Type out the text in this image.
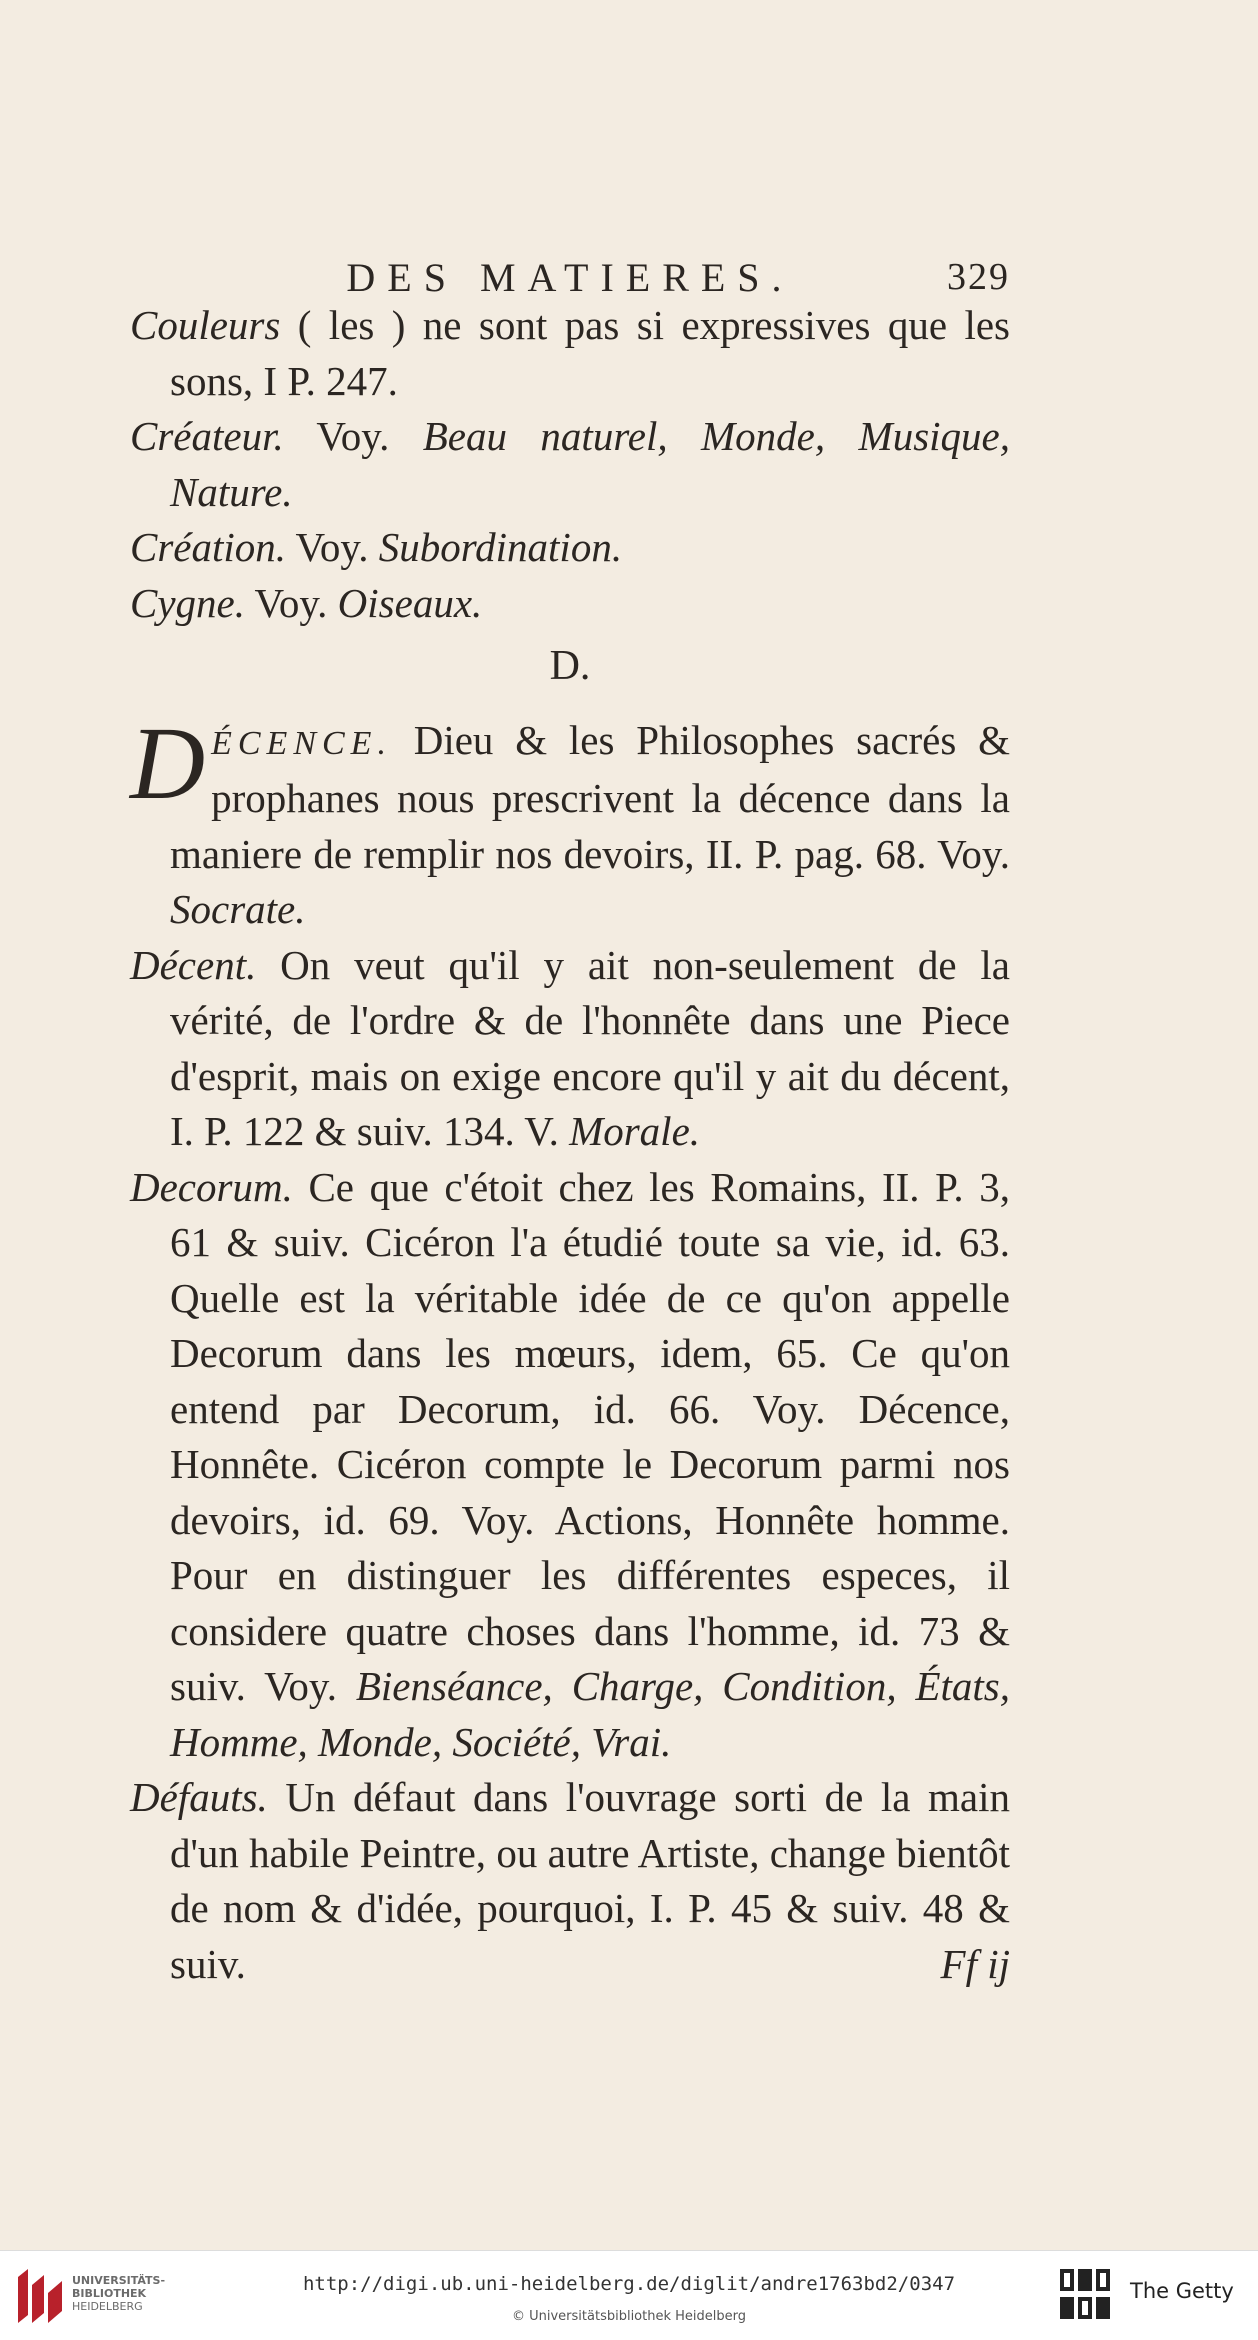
DES MATIERES.	329
Couleurs ( les ) ne sont pas si expressives que les sons, I P. 247.
Créateur. Voy. Beau naturel, Monde, Musique, Nature.
Création. Voy. Subordination.
Cygne. Voy. Oiseaux.
D.
DÉCENCE. Dieu & les Philosophes sacrés & prophanes nous prescrivent la décence dans la maniere de remplir nos devoirs, II. P. pag. 68. Voy. Socrate.
Décent. On veut qu'il y ait non-seulement de la vérité, de l'ordre & de l'honnête dans une Piece d'esprit, mais on exige encore qu'il y ait du décent, I. P. 122 & suiv. 134. V. Morale.
Decorum. Ce que c'étoit chez les Romains, II. P. 3, 61 & suiv. Cicéron l'a étudié toute sa vie, id. 63. Quelle est la véritable idée de ce qu'on appelle Decorum dans les mœurs, idem, 65. Ce qu'on entend par Decorum, id. 66. Voy. Décence, Honnête. Cicéron compte le Decorum parmi nos devoirs, id. 69. Voy. Actions, Honnête homme. Pour en distinguer les différentes especes, il considere quatre choses dans l'homme, id. 73 & suiv. Voy. Bienséance, Charge, Condition, États, Homme, Monde, Société, Vrai.
Défauts. Un défaut dans l'ouvrage sorti de la main d'un habile Peintre, ou autre Artiste, change bientôt de nom & d'idée, pourquoi, I. P. 45 & suiv. 48 & suiv.	Ff ij
UNIVERSITÄTS-
BIBLIOTHEK
HEIDELBERG
http://digi.ub.uni-heidelberg.de/diglit/andre1763bd2/0347
© Universitätsbibliothek Heidelberg
The Getty
